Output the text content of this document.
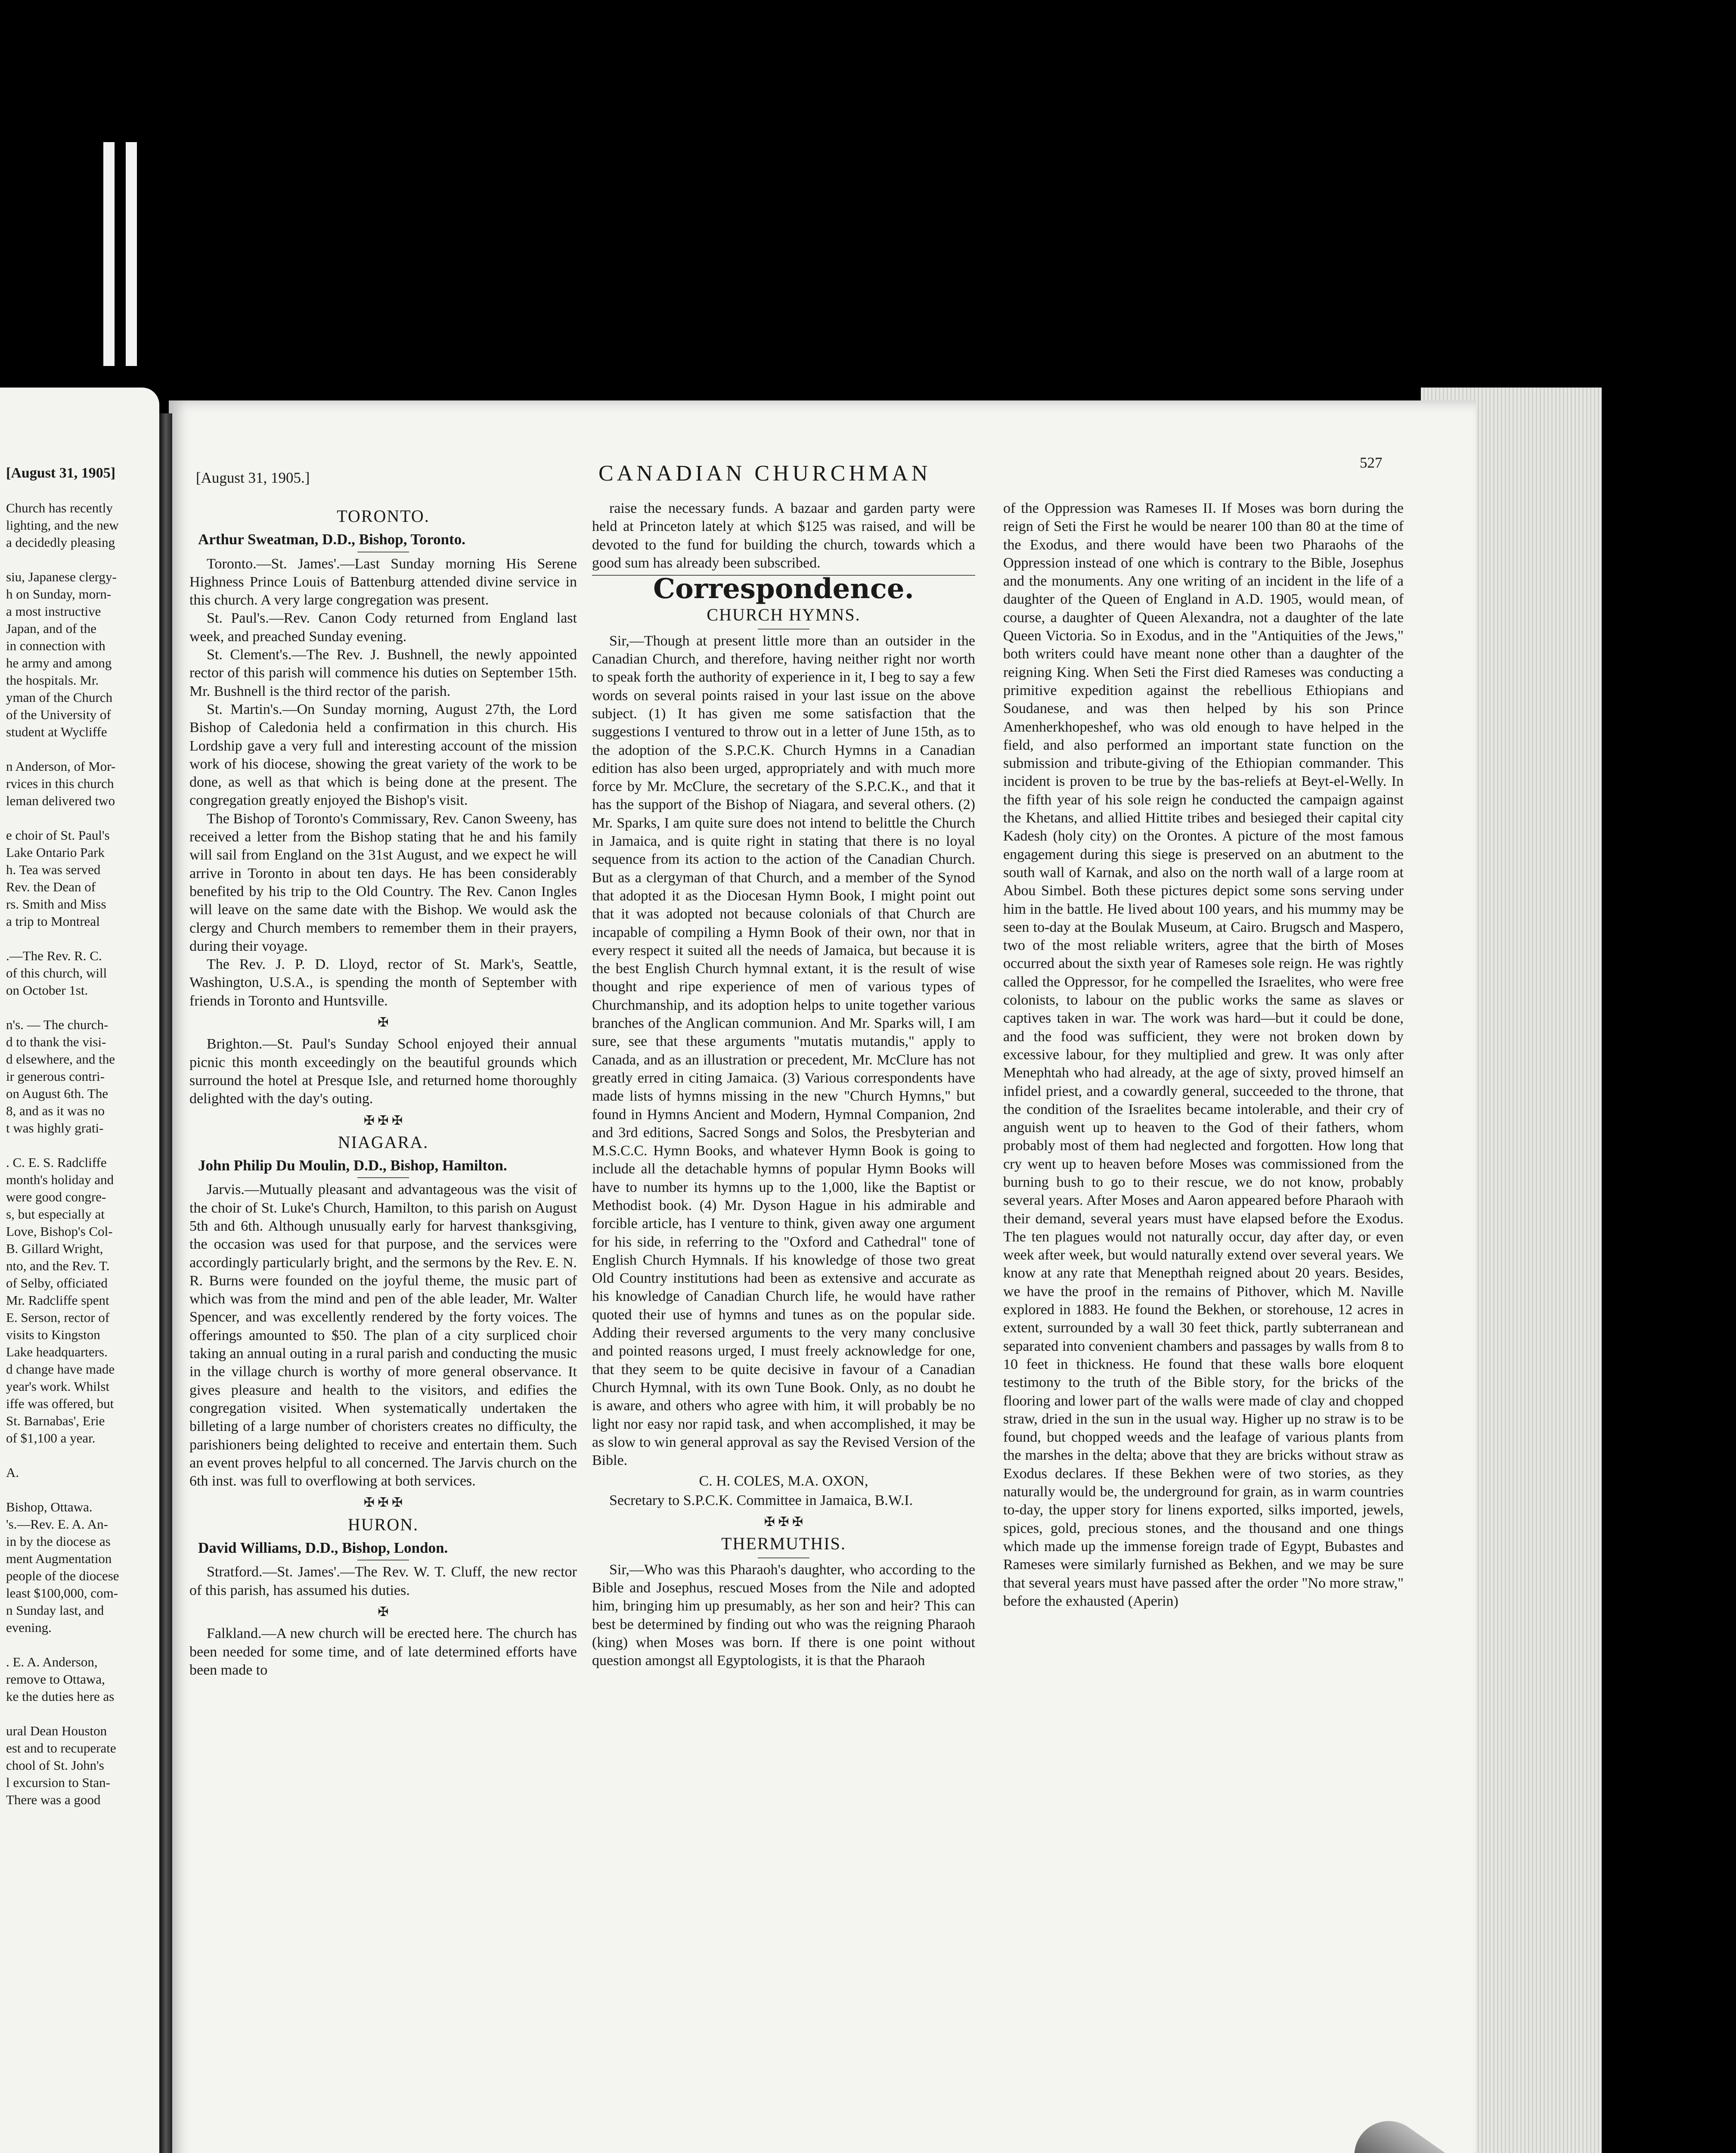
[August 31, 1905]
Church has recently
lighting, and the new
a decidedly pleasing

siu, Japanese clergy-
h on Sunday, morn-
a most instructive
Japan, and of the
in connection with
he army and among
the hospitals. Mr.
yman of the Church
of the University of
student at Wycliffe

n Anderson, of Mor-
rvices in this church
leman delivered two

e choir of St. Paul's
Lake Ontario Park
h. Tea was served
Rev. the Dean of
rs. Smith and Miss
a trip to Montreal

.—The Rev. R. C.
of this church, will
on October 1st.

n's. — The church-
d to thank the visi-
d elsewhere, and the
ir generous contri-
on August 6th. The
8, and as it was no
t was highly grati-

. C. E. S. Radcliffe
month's holiday and
were good congre-
s, but especially at
Love, Bishop's Col-
B. Gillard Wright,
nto, and the Rev. T.
of Selby, officiated
Mr. Radcliffe spent
E. Serson, rector of
visits to Kingston
Lake headquarters.
d change have made
year's work. Whilst
iffe was offered, but
St. Barnabas', Erie
of $1,100 a year.

A.

Bishop, Ottawa.
's.—Rev. E. A. An-
in by the diocese as
ment Augmentation
people of the diocese
least $100,000, com-
n Sunday last, and
evening.

. E. A. Anderson,
remove to Ottawa,
ke the duties here as

ural Dean Houston
est and to recuperate
chool of St. John's
l excursion to Stan-
There was a good
[August 31, 1905.]	CANADIAN CHURCHMAN	527
TORONTO.
Arthur Sweatman, D.D., Bishop, Toronto.

Toronto.—St. James'.—Last Sunday morning His Serene Highness Prince Louis of Battenburg attended divine service in this church. A very large congregation was present.

St. Paul's.—Rev. Canon Cody returned from England last week, and preached Sunday evening.

St. Clement's.—The Rev. J. Bushnell, the newly appointed rector of this parish will commence his duties on September 15th. Mr. Bushnell is the third rector of the parish.

St. Martin's.—On Sunday morning, August 27th, the Lord Bishop of Caledonia held a confirmation in this church. His Lordship gave a very full and interesting account of the mission work of his diocese, showing the great variety of the work to be done, as well as that which is being done at the present. The congregation greatly enjoyed the Bishop's visit.

The Bishop of Toronto's Commissary, Rev. Canon Sweeny, has received a letter from the Bishop stating that he and his family will sail from England on the 31st August, and we expect he will arrive in Toronto in about ten days. He has been considerably benefited by his trip to the Old Country. The Rev. Canon Ingles will leave on the same date with the Bishop. We would ask the clergy and Church members to remember them in their prayers, during their voyage.

The Rev. J. P. D. Lloyd, rector of St. Mark's, Seattle, Washington, U.S.A., is spending the month of September with friends in Toronto and Huntsville.

✠

Brighton.—St. Paul's Sunday School enjoyed their annual picnic this month exceedingly on the beautiful grounds which surround the hotel at Presque Isle, and returned home thoroughly delighted with the day's outing.

✠ ✠ ✠
NIAGARA.
John Philip Du Moulin, D.D., Bishop, Hamilton.

Jarvis.—Mutually pleasant and advantageous was the visit of the choir of St. Luke's Church, Hamilton, to this parish on August 5th and 6th. Although unusually early for harvest thanksgiving, the occasion was used for that purpose, and the services were accordingly particularly bright, and the sermons by the Rev. E. N. R. Burns were founded on the joyful theme, the music part of which was from the mind and pen of the able leader, Mr. Walter Spencer, and was excellently rendered by the forty voices. The offerings amounted to $50. The plan of a city surpliced choir taking an annual outing in a rural parish and conducting the music in the village church is worthy of more general observance. It gives pleasure and health to the visitors, and edifies the congregation visited. When systematically undertaken the billeting of a large number of choristers creates no difficulty, the parishioners being delighted to receive and entertain them. Such an event proves helpful to all concerned. The Jarvis church on the 6th inst. was full to overflowing at both services.

✠ ✠ ✠
HURON.
David Williams, D.D., Bishop, London.

Stratford.—St. James'.—The Rev. W. T. Cluff, the new rector of this parish, has assumed his duties.

✠

Falkland.—A new church will be erected here. The church has been needed for some time, and of late determined efforts have been made to

raise the necessary funds. A bazaar and garden party were held at Princeton lately at which $125 was raised, and will be devoted to the fund for building the church, towards which a good sum has already been subscribed.

Correspondence.
CHURCH HYMNS.

Sir,—Though at present little more than an outsider in the Canadian Church, and therefore, having neither right nor worth to speak forth the authority of experience in it, I beg to say a few words on several points raised in your last issue on the above subject. (1) It has given me some satisfaction that the suggestions I ventured to throw out in a letter of June 15th, as to the adoption of the S.P.C.K. Church Hymns in a Canadian edition has also been urged, appropriately and with much more force by Mr. McClure, the secretary of the S.P.C.K., and that it has the support of the Bishop of Niagara, and several others. (2) Mr. Sparks, I am quite sure does not intend to belittle the Church in Jamaica, and is quite right in stating that there is no loyal sequence from its action to the action of the Canadian Church. But as a clergyman of that Church, and a member of the Synod that adopted it as the Diocesan Hymn Book, I might point out that it was adopted not because colonials of that Church are incapable of compiling a Hymn Book of their own, nor that in every respect it suited all the needs of Jamaica, but because it is the best English Church hymnal extant, it is the result of wise thought and ripe experience of men of various types of Churchmanship, and its adoption helps to unite together various branches of the Anglican communion. And Mr. Sparks will, I am sure, see that these arguments "mutatis mutandis," apply to Canada, and as an illustration or precedent, Mr. McClure has not greatly erred in citing Jamaica. (3) Various correspondents have made lists of hymns missing in the new "Church Hymns," but found in Hymns Ancient and Modern, Hymnal Companion, 2nd and 3rd editions, Sacred Songs and Solos, the Presbyterian and M.S.C.C. Hymn Books, and whatever Hymn Book is going to include all the detachable hymns of popular Hymn Books will have to number its hymns up to the 1,000, like the Baptist or Methodist book. (4) Mr. Dyson Hague in his admirable and forcible article, has I venture to think, given away one argument for his side, in referring to the "Oxford and Cathedral" tone of English Church Hymnals. If his knowledge of those two great Old Country institutions had been as extensive and accurate as his knowledge of Canadian Church life, he would have rather quoted their use of hymns and tunes as on the popular side. Adding their reversed arguments to the very many conclusive and pointed reasons urged, I must freely acknowledge for one, that they seem to be quite decisive in favour of a Canadian Church Hymnal, with its own Tune Book. Only, as no doubt he is aware, and others who agree with him, it will probably be no light nor easy nor rapid task, and when accomplished, it may be as slow to win general approval as say the Revised Version of the Bible.

C. H. COLES, M.A. OXON,

Secretary to S.P.C.K. Committee in Jamaica, B.W.I.

✠ ✠ ✠
THERMUTHIS.

Sir,—Who was this Pharaoh's daughter, who according to the Bible and Josephus, rescued Moses from the Nile and adopted him, bringing him up presumably, as her son and heir? This can best be determined by finding out who was the reigning Pharaoh (king) when Moses was born. If there is one point without question amongst all Egyptologists, it is that the Pharaoh

of the Oppression was Rameses II. If Moses was born during the reign of Seti the First he would be nearer 100 than 80 at the time of the Exodus, and there would have been two Pharaohs of the Oppression instead of one which is contrary to the Bible, Josephus and the monuments. Any one writing of an incident in the life of a daughter of the Queen of England in A.D. 1905, would mean, of course, a daughter of Queen Alexandra, not a daughter of the late Queen Victoria. So in Exodus, and in the "Antiquities of the Jews," both writers could have meant none other than a daughter of the reigning King. When Seti the First died Rameses was conducting a primitive expedition against the rebellious Ethiopians and Soudanese, and was then helped by his son Prince Amenherkhopeshef, who was old enough to have helped in the field, and also performed an important state function on the submission and tribute-giving of the Ethiopian commander. This incident is proven to be true by the bas-reliefs at Beyt-el-Welly. In the fifth year of his sole reign he conducted the campaign against the Khetans, and allied Hittite tribes and besieged their capital city Kadesh (holy city) on the Orontes. A picture of the most famous engagement during this siege is preserved on an abutment to the south wall of Karnak, and also on the north wall of a large room at Abou Simbel. Both these pictures depict some sons serving under him in the battle. He lived about 100 years, and his mummy may be seen to-day at the Boulak Museum, at Cairo. Brugsch and Maspero, two of the most reliable writers, agree that the birth of Moses occurred about the sixth year of Rameses sole reign. He was rightly called the Oppressor, for he compelled the Israelites, who were free colonists, to labour on the public works the same as slaves or captives taken in war. The work was hard—but it could be done, and the food was sufficient, they were not broken down by excessive labour, for they multiplied and grew. It was only after Menephtah who had already, at the age of sixty, proved himself an infidel priest, and a cowardly general, succeeded to the throne, that the condition of the Israelites became intolerable, and their cry of anguish went up to heaven to the God of their fathers, whom probably most of them had neglected and forgotten. How long that cry went up to heaven before Moses was commissioned from the burning bush to go to their rescue, we do not know, probably several years. After Moses and Aaron appeared before Pharaoh with their demand, several years must have elapsed before the Exodus. The ten plagues would not naturally occur, day after day, or even week after week, but would naturally extend over several years. We know at any rate that Menepthah reigned about 20 years. Besides, we have the proof in the remains of Pithover, which M. Naville explored in 1883. He found the Bekhen, or storehouse, 12 acres in extent, surrounded by a wall 30 feet thick, partly subterranean and separated into convenient chambers and passages by walls from 8 to 10 feet in thickness. He found that these walls bore eloquent testimony to the truth of the Bible story, for the bricks of the flooring and lower part of the walls were made of clay and chopped straw, dried in the sun in the usual way. Higher up no straw is to be found, but chopped weeds and the leafage of various plants from the marshes in the delta; above that they are bricks without straw as Exodus declares. If these Bekhen were of two stories, as they naturally would be, the underground for grain, as in warm countries to-day, the upper story for linens exported, silks imported, jewels, spices, gold, precious stones, and the thousand and one things which made up the immense foreign trade of Egypt, Bubastes and Rameses were similarly furnished as Bekhen, and we may be sure that several years must have passed after the order "No more straw," before the exhausted (Aperin)
